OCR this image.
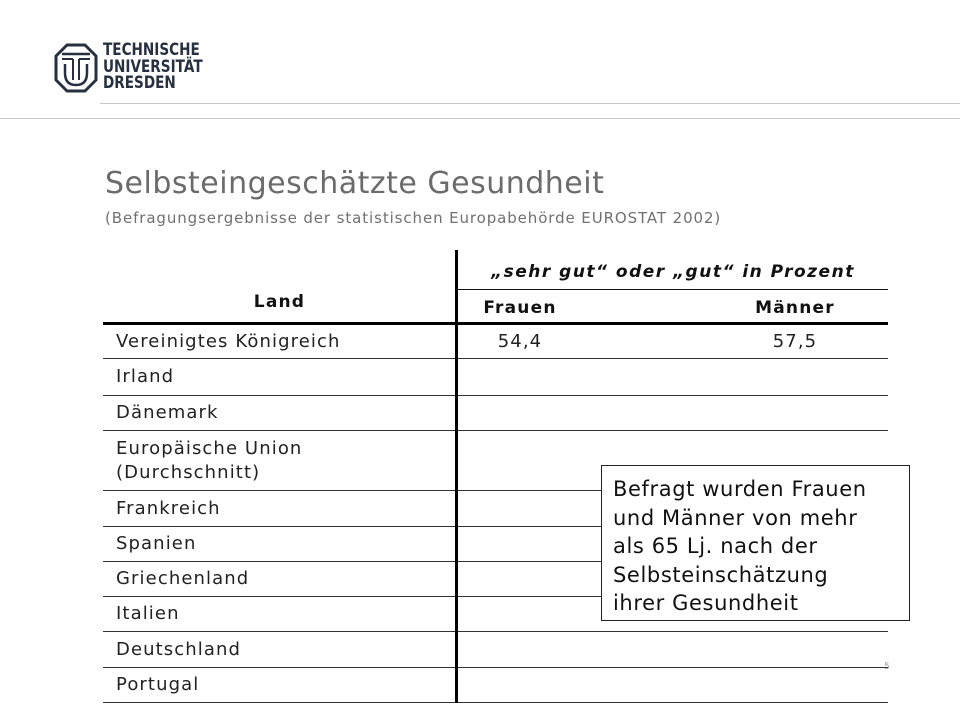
TECHNISCHE
UNIVERSITÄT
DRESDEN
Selbsteingeschätzte Gesundheit
(Befragungsergebnisse der statistischen Europabehörde EUROSTAT 2002)
„sehr gut“ oder „gut“ in Prozent
Land	Frauen	Männer
Vereinigtes Königreich	54,4	57,5
Irland
Dänemark
Europäische Union
(Durchschnitt)
Frankreich
Spanien
Griechenland
Italien
Deutschland
Portugal
5
Befragt wurden Frauen
und Männer von mehr
als 65 Lj. nach der
Selbsteinschätzung
ihrer Gesundheit
